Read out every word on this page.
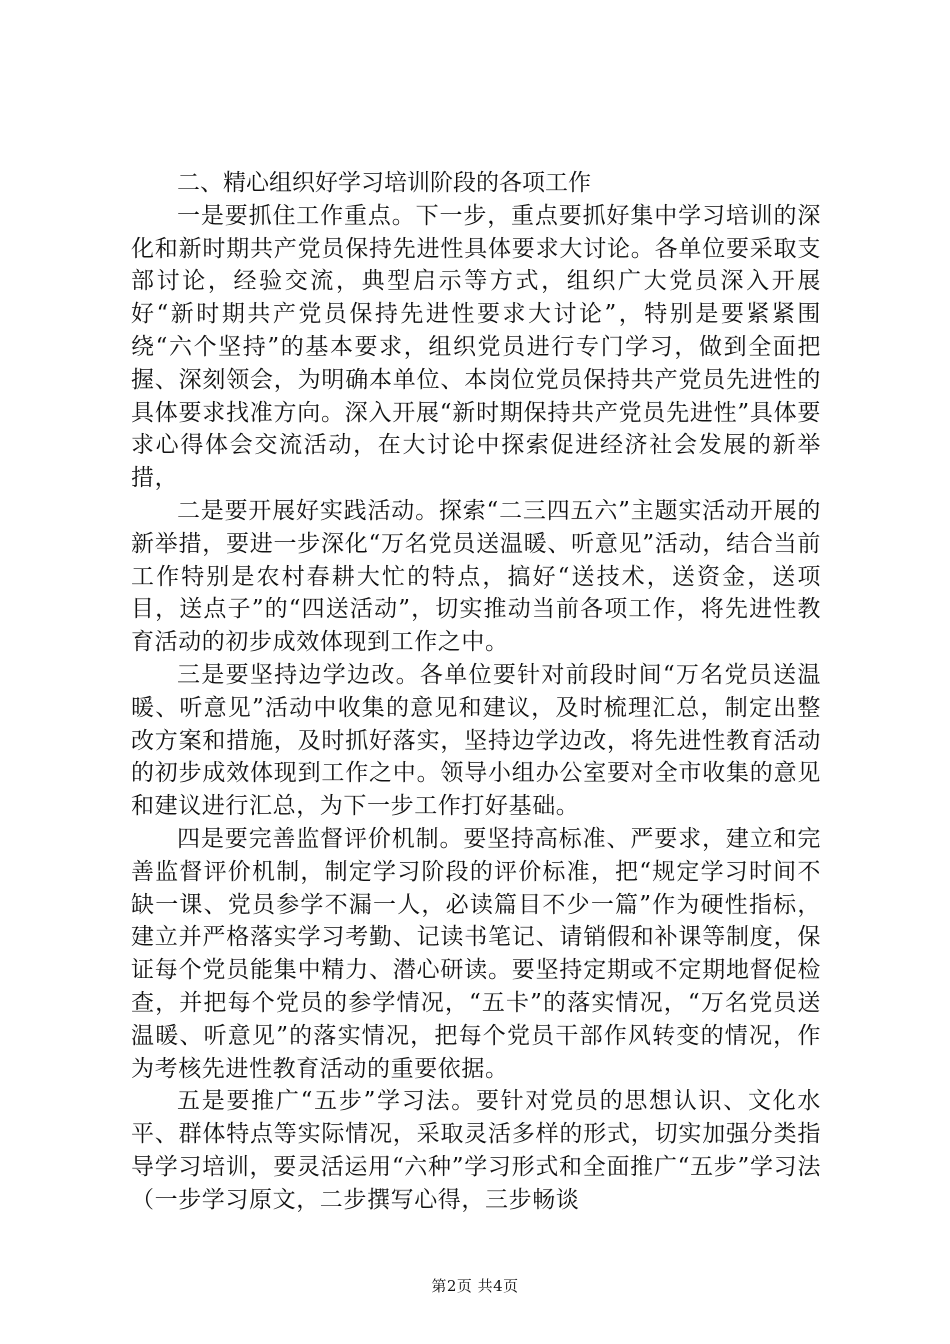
二、精心组织好学习培训阶段的各项工作

一是要抓住工作重点。下一步，重点要抓好集中学习培训的深化和新时期共产党员保持先进性具体要求大讨论。各单位要采取支部讨论，经验交流，典型启示等方式，组织广大党员深入开展好“新时期共产党员保持先进性要求大讨论”，特别是要紧紧围绕“六个坚持”的基本要求，组织党员进行专门学习，做到全面把握、深刻领会，为明确本单位、本岗位党员保持共产党员先进性的具体要求找准方向。深入开展“新时期保持共产党员先进性”具体要求心得体会交流活动，在大讨论中探索促进经济社会发展的新举措，

二是要开展好实践活动。探索“二三四五六”主题实活动开展的新举措，要进一步深化“万名党员送温暖、听意见”活动，结合当前工作特别是农村春耕大忙的特点，搞好“送技术，送资金，送项目，送点子”的“四送活动”，切实推动当前各项工作，将先进性教育活动的初步成效体现到工作之中。

三是要坚持边学边改。各单位要针对前段时间“万名党员送温暖、听意见”活动中收集的意见和建议，及时梳理汇总，制定出整改方案和措施，及时抓好落实，坚持边学边改，将先进性教育活动的初步成效体现到工作之中。领导小组办公室要对全市收集的意见和建议进行汇总，为下一步工作打好基础。

四是要完善监督评价机制。要坚持高标准、严要求，建立和完善监督评价机制，制定学习阶段的评价标准，把“规定学习时间不缺一课、党员参学不漏一人，必读篇目不少一篇”作为硬性指标，建立并严格落实学习考勤、记读书笔记、请销假和补课等制度，保证每个党员能集中精力、潜心研读。要坚持定期或不定期地督促检查，并把每个党员的参学情况，“五卡”的落实情况，“万名党员送温暖、听意见”的落实情况，把每个党员干部作风转变的情况，作为考核先进性教育活动的重要依据。

五是要推广“五步”学习法。要针对党员的思想认识、文化水平、群体特点等实际情况，采取灵活多样的形式，切实加强分类指导学习培训，要灵活运用“六种”学习形式和全面推广“五步”学习法（一步学习原文，二步撰写心得，三步畅谈

第2页 共4页
